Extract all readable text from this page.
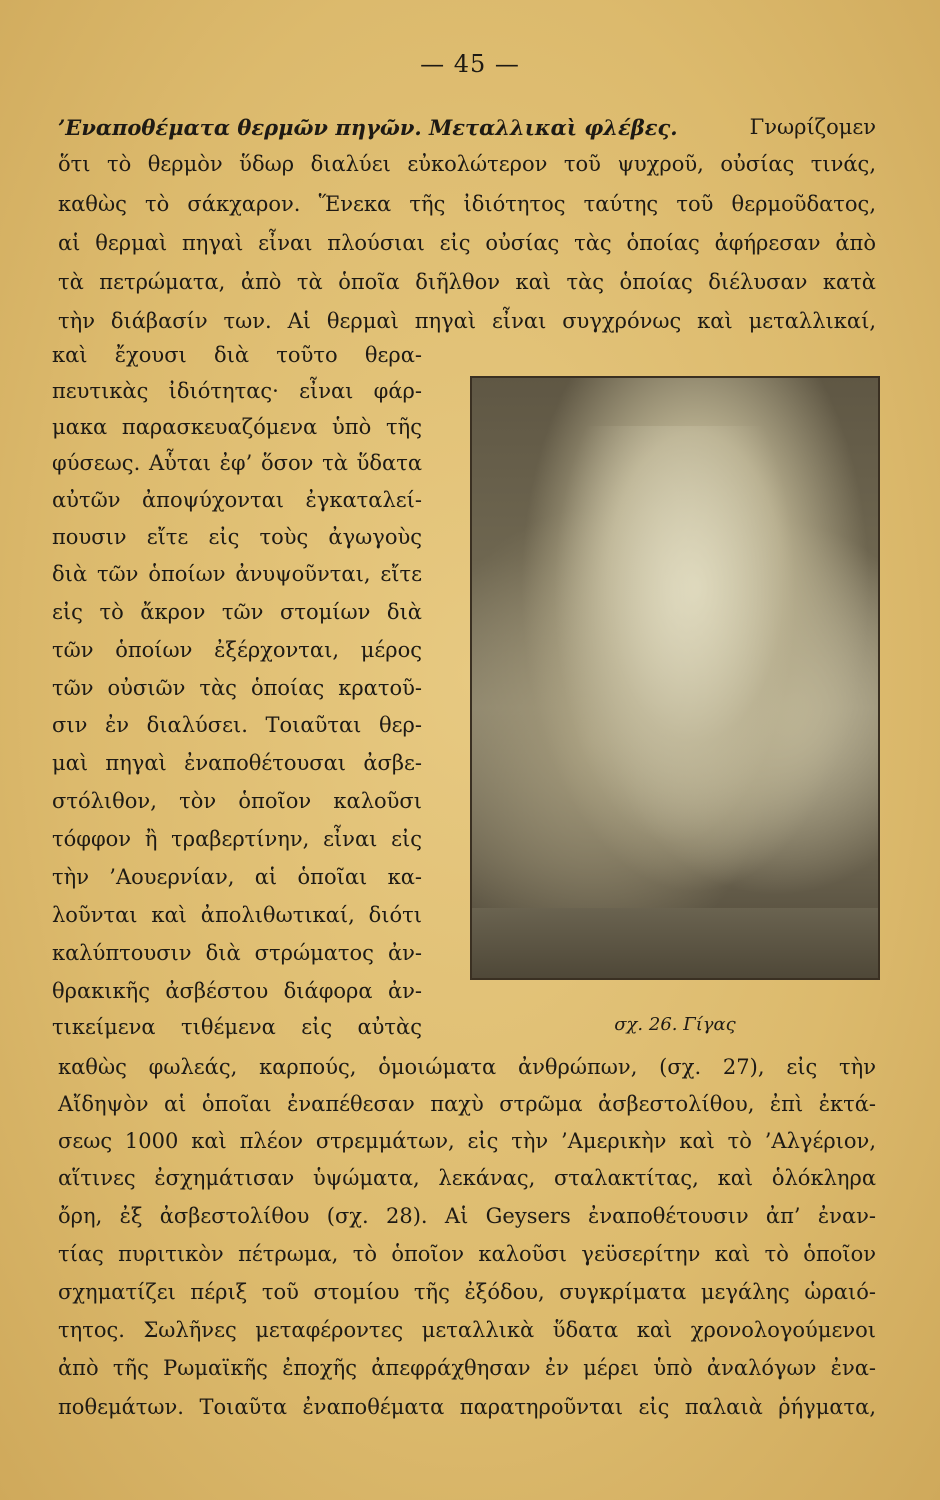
— 45 —
’Εναποθέματα θερμῶν πηγῶν. Μεταλλικαὶ φλέβες.	Γνωρίζομεν
ὅτι τὸ θερμὸν ὕδωρ διαλύει εὐκολώτερον τοῦ ψυχροῦ, οὐσίας τινάς,
καθὼς τὸ σάκχαρον. Ἕνεκα τῆς ἰδιότητος ταύτης τοῦ θερμοῦδατος,
αἱ θερμαὶ πηγαὶ εἶναι πλούσιαι εἰς οὐσίας τὰς ὁποίας ἀφήρεσαν ἀπὸ
τὰ πετρώματα, ἀπὸ τὰ ὁποῖα διῆλθον καὶ τὰς ὁποίας διέλυσαν κατὰ
τὴν διάβασίν των. Αἱ θερμαὶ πηγαὶ εἶναι συγχρόνως καὶ μεταλλικαί,
καὶ ἔχουσι διὰ τοῦτο θερα-
πευτικὰς ἰδιότητας· εἶναι φάρ-
μακα παρασκευαζόμενα ὑπὸ τῆς
φύσεως. Αὗται ἐφ’ ὅσον τὰ ὕδατα
αὐτῶν ἀποψύχονται ἐγκαταλεί-
πουσιν εἴτε εἰς τοὺς ἀγωγοὺς
διὰ τῶν ὁποίων ἀνυψοῦνται, εἴτε
εἰς τὸ ἄκρον τῶν στομίων διὰ
τῶν ὁποίων ἐξέρχονται, μέρος
τῶν οὐσιῶν τὰς ὁποίας κρατοῦ-
σιν ἐν διαλύσει. Τοιαῦται θερ-
μαὶ πηγαὶ ἐναποθέτουσαι ἀσβε-
στόλιθον, τὸν ὁποῖον καλοῦσι
τόφφον ἢ τραβερτίνην, εἶναι εἰς
τὴν ’Αουερνίαν, αἱ ὁποῖαι κα-
λοῦνται καὶ ἀπολιθωτικαί, διότι
καλύπτουσιν διὰ στρώματος ἀν-
θρακικῆς ἀσβέστου διάφορα ἀν-
τικείμενα τιθέμενα εἰς αὐτὰς	σχ. 26. Γίγας
καθὼς φωλεάς, καρπούς, ὁμοιώματα ἀνθρώπων, (σχ. 27), εἰς τὴν
Αἴδηψὸν αἱ ὁποῖαι ἐναπέθεσαν παχὺ στρῶμα ἀσβεστολίθου, ἐπὶ ἐκτά-
σεως 1000 καὶ πλέον στρεμμάτων, εἰς τὴν ’Αμερικὴν καὶ τὸ ’Αλγέριον,
αἵτινες ἐσχημάτισαν ὑψώματα, λεκάνας, σταλακτίτας, καὶ ὁλόκληρα
ὄρη, ἐξ ἀσβεστολίθου (σχ. 28). Αἱ Geysers ἐναποθέτουσιν ἀπ’ ἐναν-
τίας πυριτικὸν πέτρωμα, τὸ ὁποῖον καλοῦσι γεϋσερίτην καὶ τὸ ὁποῖον
σχηματίζει πέριξ τοῦ στομίου τῆς ἐξόδου, συγκρίματα μεγάλης ὡραιό-
τητος. Σωλῆνες μεταφέροντες μεταλλικὰ ὕδατα καὶ χρονολογούμενοι
ἀπὸ τῆς Ρωμαϊκῆς ἐποχῆς ἀπεφράχθησαν ἐν μέρει ὑπὸ ἀναλόγων ἐνα-
ποθεμάτων. Τοιαῦτα ἐναποθέματα παρατηροῦνται εἰς παλαιὰ ῥήγματα,
